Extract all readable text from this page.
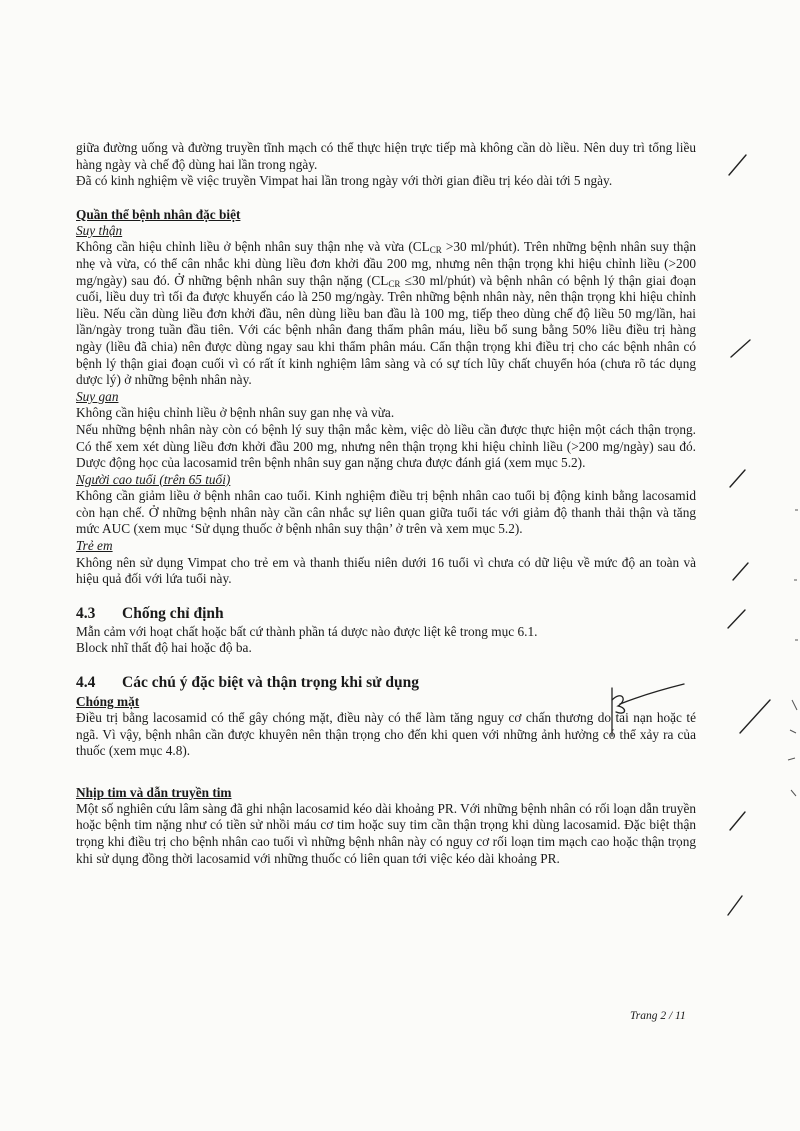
giữa đường uống và đường truyền tĩnh mạch có thể thực hiện trực tiếp mà không cần dò liều. Nên duy trì tổng liều hàng ngày và chế độ dùng hai lần trong ngày.

Đã có kinh nghiệm về việc truyền Vimpat hai lần trong ngày với thời gian điều trị kéo dài tới 5 ngày.

Quần thể bệnh nhân đặc biệt

Suy thận

Không cần hiệu chỉnh liều ở bệnh nhân suy thận nhẹ và vừa ($CL_{CR} >30$ ml/phút). Trên những bệnh nhân suy thận nhẹ và vừa, có thể cân nhắc khi dùng liều đơn khởi đầu 200 mg, nhưng nên thận trọng khi hiệu chỉnh liều (>200 mg/ngày) sau đó. Ở những bệnh nhân suy thận nặng ($CL_{CR} \le 30$ ml/phút) và bệnh nhân có bệnh lý thận giai đoạn cuối, liều duy trì tối đa được khuyến cáo là 250 mg/ngày. Trên những bệnh nhân này, nên thận trọng khi hiệu chỉnh liều. Nếu cần dùng liều đơn khởi đầu, nên dùng liều ban đầu là 100 mg, tiếp theo dùng chế độ liều 50 mg/lần, hai lần/ngày trong tuần đầu tiên. Với các bệnh nhân đang thẩm phân máu, liều bổ sung bằng 50% liều điều trị hàng ngày (liều đã chia) nên được dùng ngay sau khi thẩm phân máu. Cẩn thận trọng khi điều trị cho các bệnh nhân có bệnh lý thận giai đoạn cuối vì có rất ít kinh nghiệm lâm sàng và có sự tích lũy chất chuyển hóa (chưa rõ tác dụng dược lý) ở những bệnh nhân này.

Suy gan

Không cần hiệu chỉnh liều ở bệnh nhân suy gan nhẹ và vừa.

Nếu những bệnh nhân này còn có bệnh lý suy thận mắc kèm, việc dò liều cần được thực hiện một cách thận trọng. Có thể xem xét dùng liều đơn khởi đầu 200 mg, nhưng nên thận trọng khi hiệu chỉnh liều (>200 mg/ngày) sau đó. Dược động học của lacosamid trên bệnh nhân suy gan nặng chưa được đánh giá (xem mục 5.2).

Người cao tuổi (trên 65 tuổi)

Không cần giảm liều ở bệnh nhân cao tuổi. Kinh nghiệm điều trị bệnh nhân cao tuổi bị động kinh bằng lacosamid còn hạn chế. Ở những bệnh nhân này cần cân nhắc sự liên quan giữa tuổi tác với giảm độ thanh thải thận và tăng mức AUC (xem mục ‘Sử dụng thuốc ở bệnh nhân suy thận’ ở trên và xem mục 5.2).

Trẻ em

Không nên sử dụng Vimpat cho trẻ em và thanh thiếu niên dưới 16 tuổi vì chưa có dữ liệu về mức độ an toàn và hiệu quả đối với lứa tuổi này.

4.3 Chống chỉ định

Mẫn cảm với hoạt chất hoặc bất cứ thành phần tá dược nào được liệt kê trong mục 6.1.

Block nhĩ thất độ hai hoặc độ ba.

4.4 Các chú ý đặc biệt và thận trọng khi sử dụng

Chóng mặt

Điều trị bằng lacosamid có thể gây chóng mặt, điều này có thể làm tăng nguy cơ chấn thương do tai nạn hoặc té ngã. Vì vậy, bệnh nhân cần được khuyên nên thận trọng cho đến khi quen với những ảnh hưởng có thể xảy ra của thuốc (xem mục 4.8).

Nhịp tim và dẫn truyền tim

Một số nghiên cứu lâm sàng đã ghi nhận lacosamid kéo dài khoảng PR. Với những bệnh nhân có rối loạn dẫn truyền hoặc bệnh tim nặng như có tiền sử nhồi máu cơ tim hoặc suy tim cần thận trọng khi dùng lacosamid. Đặc biệt thận trọng khi điều trị cho bệnh nhân cao tuổi vì những bệnh nhân này có nguy cơ rối loạn tim mạch cao hoặc thận trọng khi sử dụng đồng thời lacosamid với những thuốc có liên quan tới việc kéo dài khoảng PR.

Trang 2 / 11
